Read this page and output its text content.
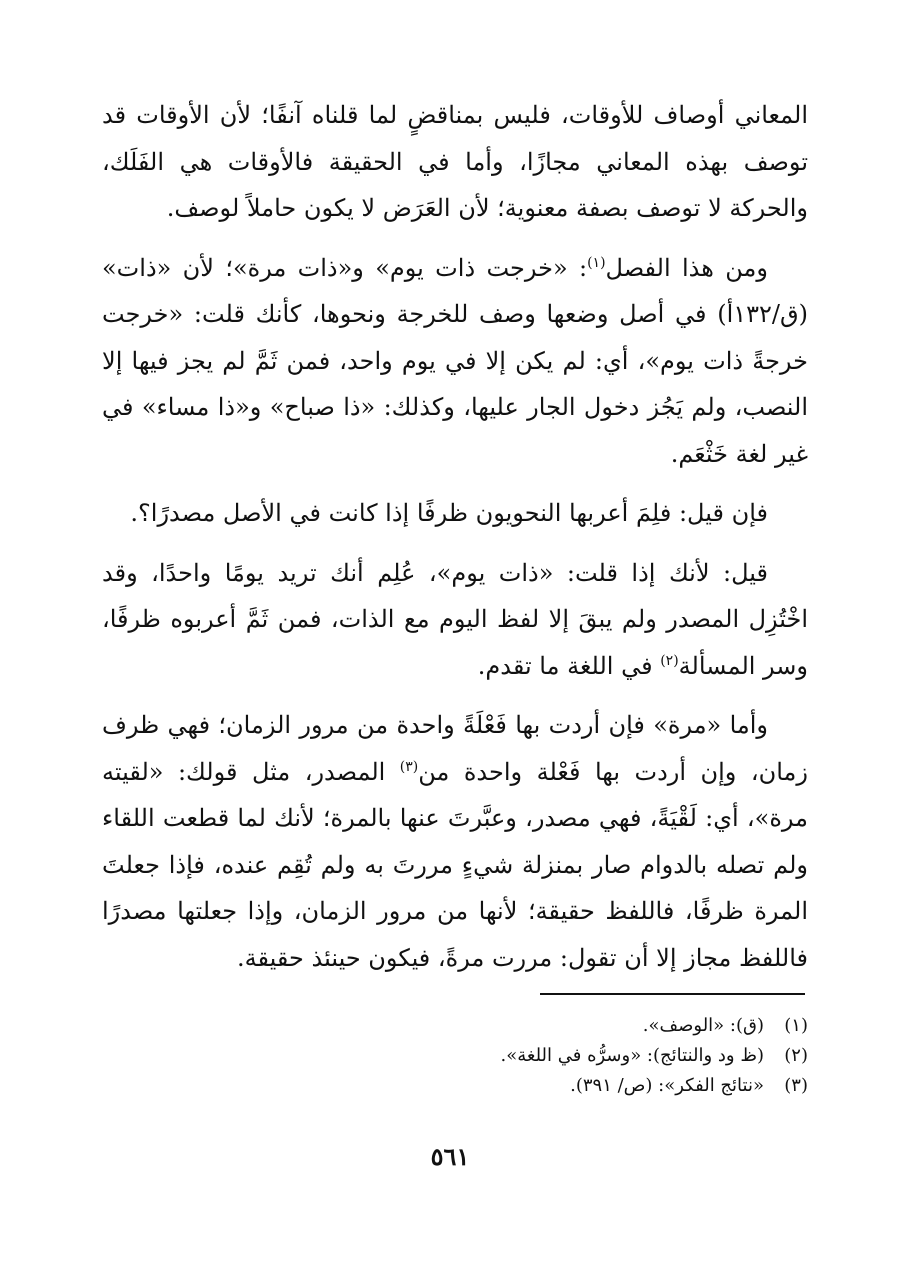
المعاني أوصاف للأوقات، فليس بمناقضٍ لما قلناه آنفًا؛ لأن الأوقات قد توصف بهذه المعاني مجازًا، وأما في الحقيقة فالأوقات هي الفَلَك، والحركة لا توصف بصفة معنوية؛ لأن العَرَض لا يكون حاملاً لوصف.

ومن هذا الفصل$^{(١)}$: «خرجت ذات يوم» و«ذات مرة»؛ لأن «ذات» (ق/١٣٢أ) في أصل وضعها وصف للخرجة ونحوها، كأنك قلت: «خرجت خرجةً ذات يوم»، أي: لم يكن إلا في يوم واحد، فمن ثَمَّ لم يجز فيها إلا النصب، ولم يَجُز دخول الجار عليها، وكذلك: «ذا صباح» و«ذا مساء» في غير لغة خَثْعَم.

فإن قيل: فلِمَ أعربها النحويون ظرفًا إذا كانت في الأصل مصدرًا؟.

قيل: لأنك إذا قلت: «ذات يوم»، عُلِم أنك تريد يومًا واحدًا، وقد اخْتُزِل المصدر ولم يبقَ إلا لفظ اليوم مع الذات، فمن ثَمَّ أعربوه ظرفًا، وسر المسألة$^{(٢)}$ في اللغة ما تقدم.

وأما «مرة» فإن أردت بها فَعْلَةً واحدة من مرور الزمان؛ فهي ظرف زمان، وإن أردت بها فَعْلة واحدة من$^{(٣)}$ المصدر، مثل قولك: «لقيته مرة»، أي: لَقْيَةً، فهي مصدر، وعبَّرتَ عنها بالمرة؛ لأنك لما قطعت اللقاء ولم تصله بالدوام صار بمنزلة شيءٍ مررتَ به ولم تُقِم عنده، فإذا جعلتَ المرة ظرفًا، فاللفظ حقيقة؛ لأنها من مرور الزمان، وإذا جعلتها مصدرًا فاللفظ مجاز إلا أن تقول: مررت مرةً، فيكون حينئذ حقيقة.

(١)(ق): «الوصف».
(٢)(ظ ود والنتائج): «وسرُّه في اللغة».
(٣)«نتائج الفكر»: (ص/ ٣٩١).
٥٦١
